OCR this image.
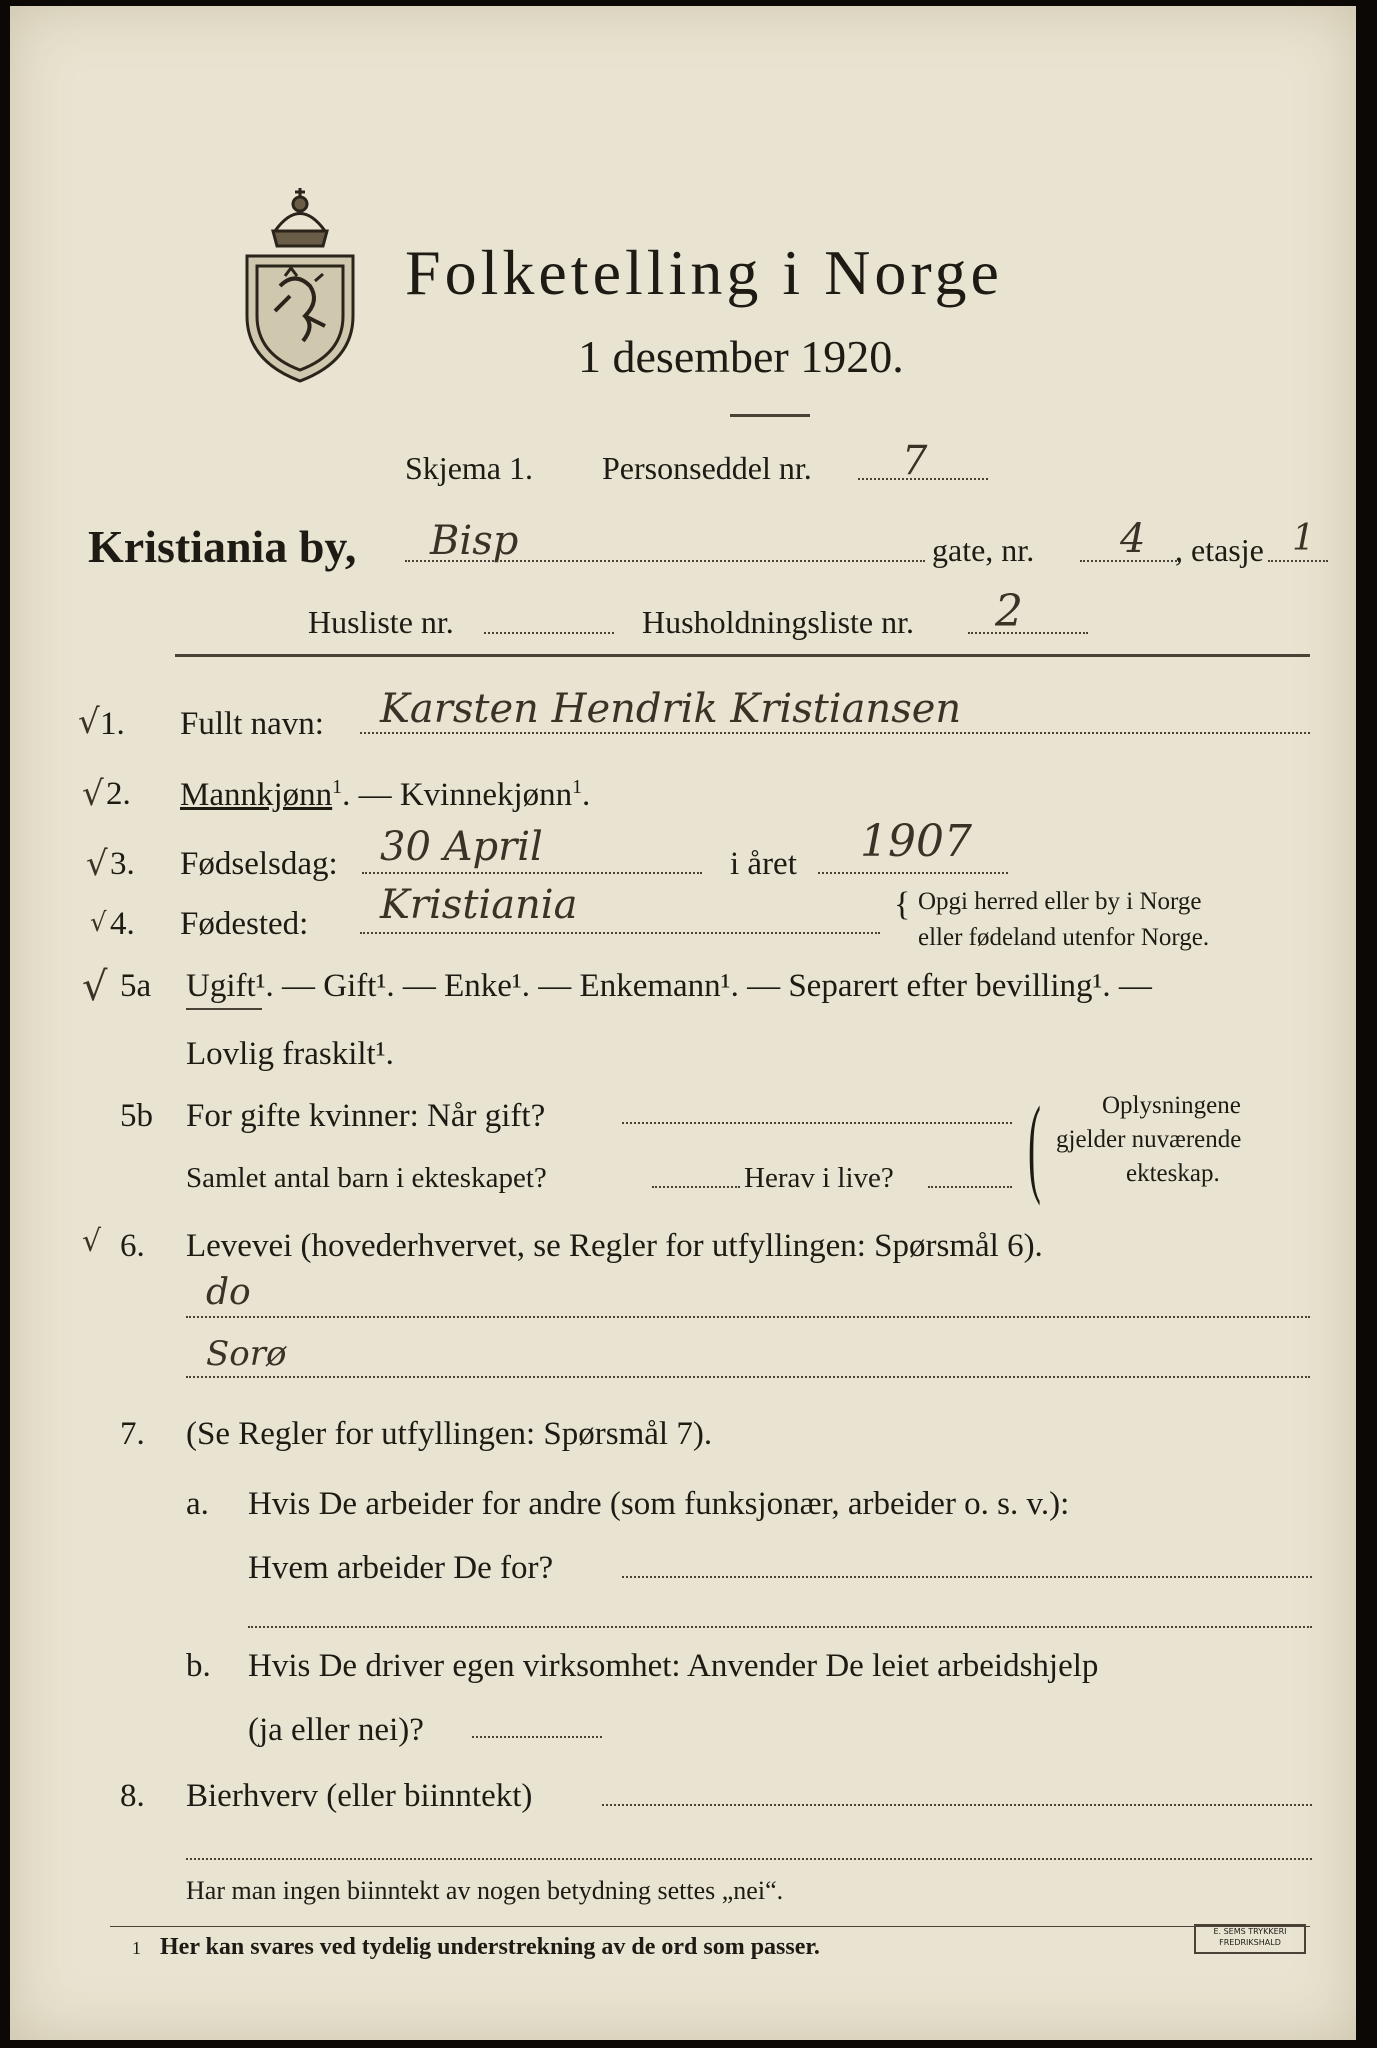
Folketelling i Norge
1 desember 1920.
Skjema 1. Personseddel nr. 7
Kristiania by, Bisp	gate, nr. 4 , etasje 1
Husliste nr.	Husholdningsliste nr. 2
√ 1. Fullt navn: Karsten Hendrik Kristiansen
√ 2. Mannkjønn$^1$. — Kvinnekjønn$^1$.
√ 3. Fødselsdag: 30 April	i året 1907
√ 4. Fødested: Kristiania	{ Opgi herred eller by i Norge
eller fødeland utenfor Norge.
√ 5a Ugift¹. — Gift¹. — Enke¹. — Enkemann¹. — Separert efter bevilling¹. —
Lovlig fraskilt¹.
5b For gifte kvinner: Når gift?
Samlet antal barn i ekteskapet?	Herav i live? ( Oplysningene
gjelder nuværende
ekteskap.
√ 6. Levevei (hovederhvervet, se Regler for utfyllingen: Spørsmål 6).
do
Sorø
7. (Se Regler for utfyllingen: Spørsmål 7).
a. Hvis De arbeider for andre (som funksjonær, arbeider o. s. v.):
Hvem arbeider De for?
b. Hvis De driver egen virksomhet: Anvender De leiet arbeidshjelp
(ja eller nei)?
8. Bierhverv (eller biinntekt)
Har man ingen biinntekt av nogen betydning settes „nei“.
1 Her kan svares ved tydelig understrekning av de ord som passer.
E. SEMS TRYKKERI
FREDRIKSHALD
